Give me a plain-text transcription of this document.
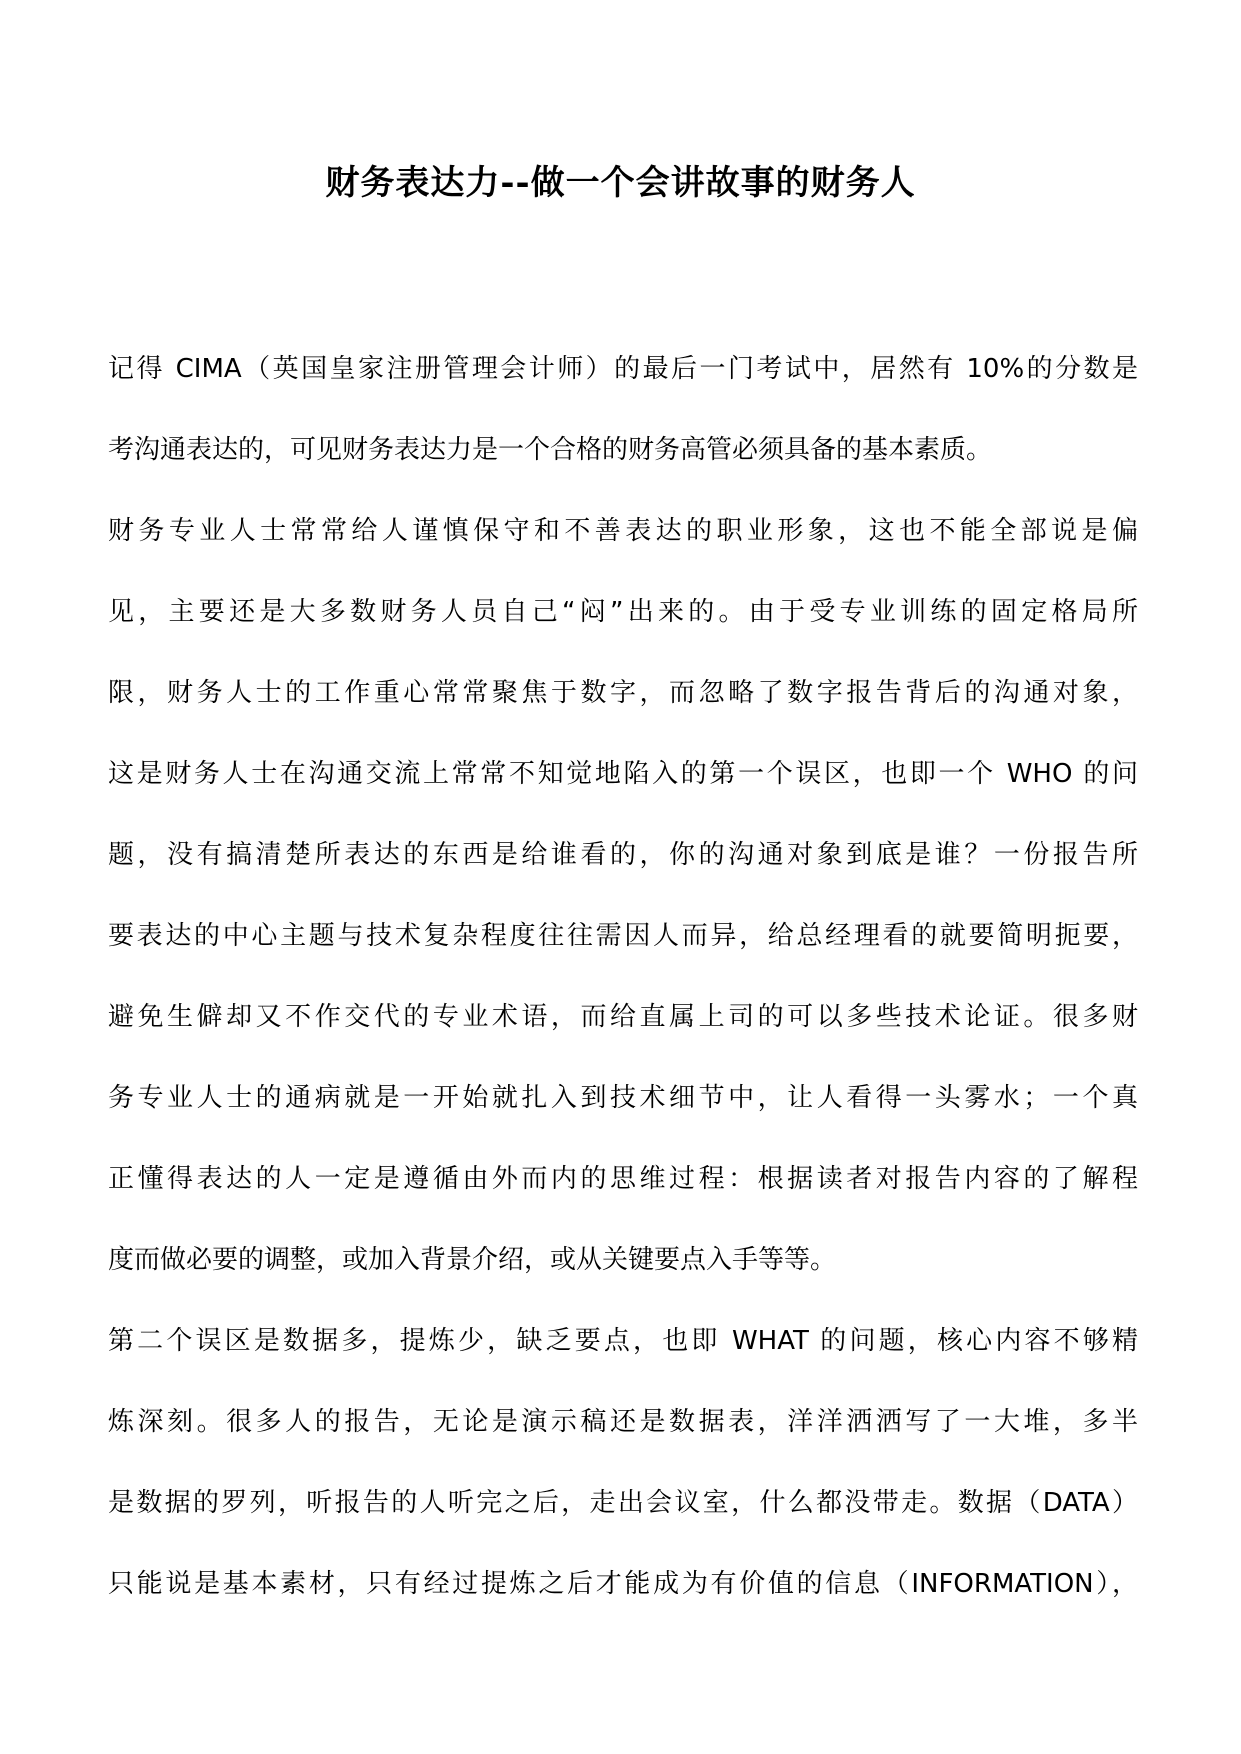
财务表达力--做一个会讲故事的财务人
记得 CIMA（英国皇家注册管理会计师）的最后一门考试中，居然有 10%的分数是
考沟通表达的，可见财务表达力是一个合格的财务高管必须具备的基本素质。
财务专业人士常常给人谨慎保守和不善表达的职业形象，这也不能全部说是偏
见，主要还是大多数财务人员自己“闷”出来的。由于受专业训练的固定格局所
限，财务人士的工作重心常常聚焦于数字，而忽略了数字报告背后的沟通对象，
这是财务人士在沟通交流上常常不知觉地陷入的第一个误区，也即一个 WHO 的问
题，没有搞清楚所表达的东西是给谁看的，你的沟通对象到底是谁？一份报告所
要表达的中心主题与技术复杂程度往往需因人而异，给总经理看的就要简明扼要，
避免生僻却又不作交代的专业术语，而给直属上司的可以多些技术论证。很多财
务专业人士的通病就是一开始就扎入到技术细节中，让人看得一头雾水；一个真
正懂得表达的人一定是遵循由外而内的思维过程：根据读者对报告内容的了解程
度而做必要的调整，或加入背景介绍，或从关键要点入手等等。
第二个误区是数据多，提炼少，缺乏要点，也即 WHAT 的问题，核心内容不够精
炼深刻。很多人的报告，无论是演示稿还是数据表，洋洋洒洒写了一大堆，多半
是数据的罗列，听报告的人听完之后，走出会议室，什么都没带走。数据（DATA）
只能说是基本素材，只有经过提炼之后才能成为有价值的信息（INFORMATION），
